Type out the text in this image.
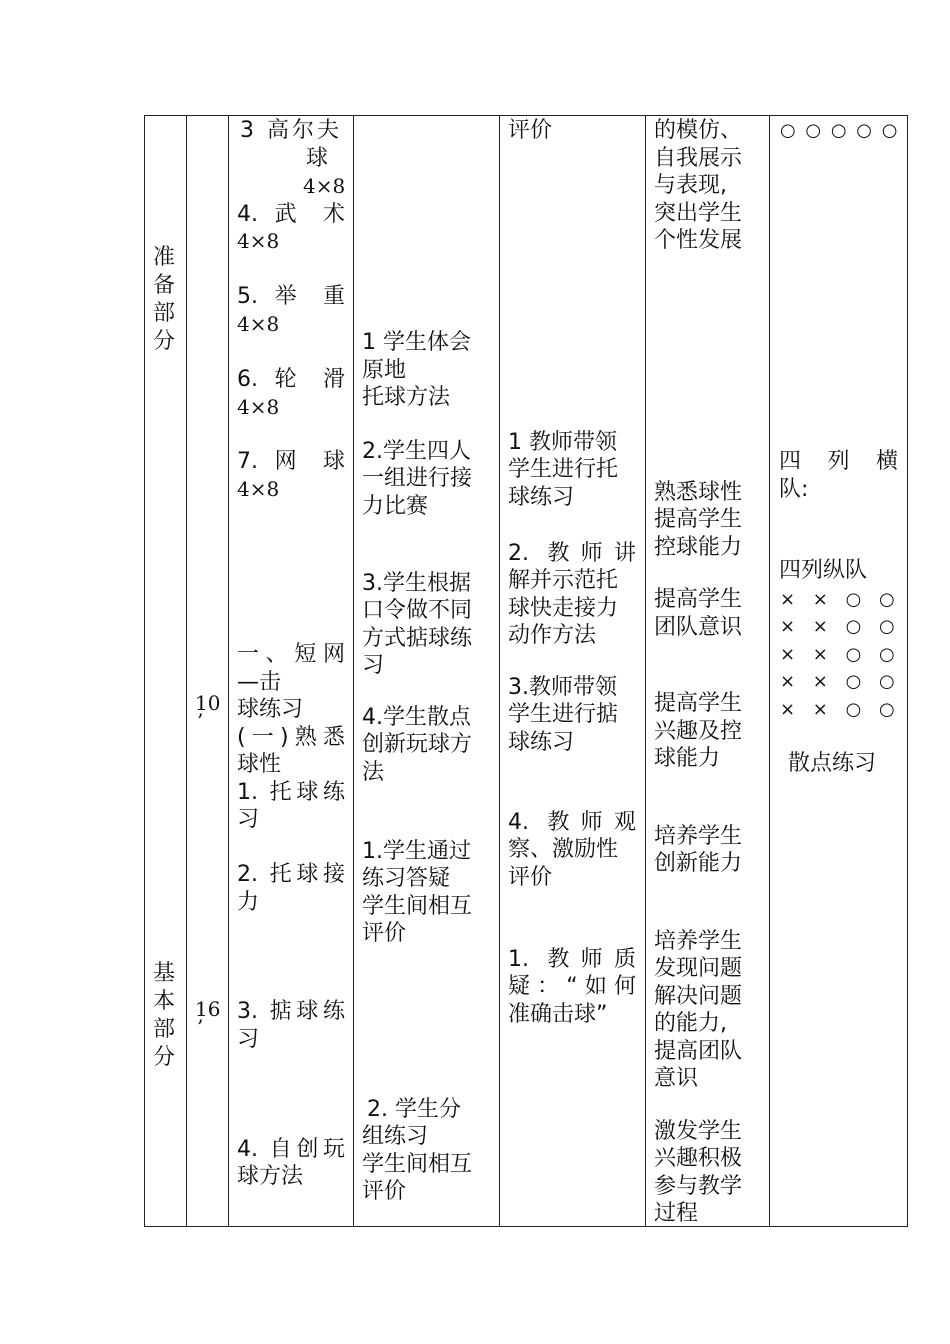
准备部分
基本部分
10
’
16
’
3 高尔夫
球
4×8
4. 武 术
4×8
5. 举 重
4×8
6. 轮 滑
4×8
7. 网 球
4×8
一、短网
—击
球练习
(一)熟悉
球性
1. 托球练
习
2. 托球接
力
3. 掂球练
习
4. 自创玩
球方法
1 学生体会
原地
托球方法
2.学生四人
一组进行接
力比赛
3.学生根据
口令做不同
方式掂球练
习
4.学生散点
创新玩球方
法
1.学生通过
练习答疑
学生间相互
评价
2. 学生分
组练习
学生间相互
评价
评价
1 教师带领
学生进行托
球练习
2. 教师讲
解并示范托
球快走接力
动作方法
3.教师带领
学生进行掂
球练习
4. 教师观
察、激励性
评价
1. 教师质
疑：“如何
准确击球”
的模仿、
自我展示
与表现,
突出学生
个性发展
熟悉球性
提高学生
控球能力
提高学生
团队意识
提高学生
兴趣及控
球能力
培养学生
创新能力
培养学生
发现问题
解决问题
的能力,
提高团队
意识
激发学生
兴趣积极
参与教学
过程
○ ○ ○ ○ ○
四 列 横
队:
四列纵队
× × ○ ○
× × ○ ○
× × ○ ○
× × ○ ○
× × ○ ○
散点练习
